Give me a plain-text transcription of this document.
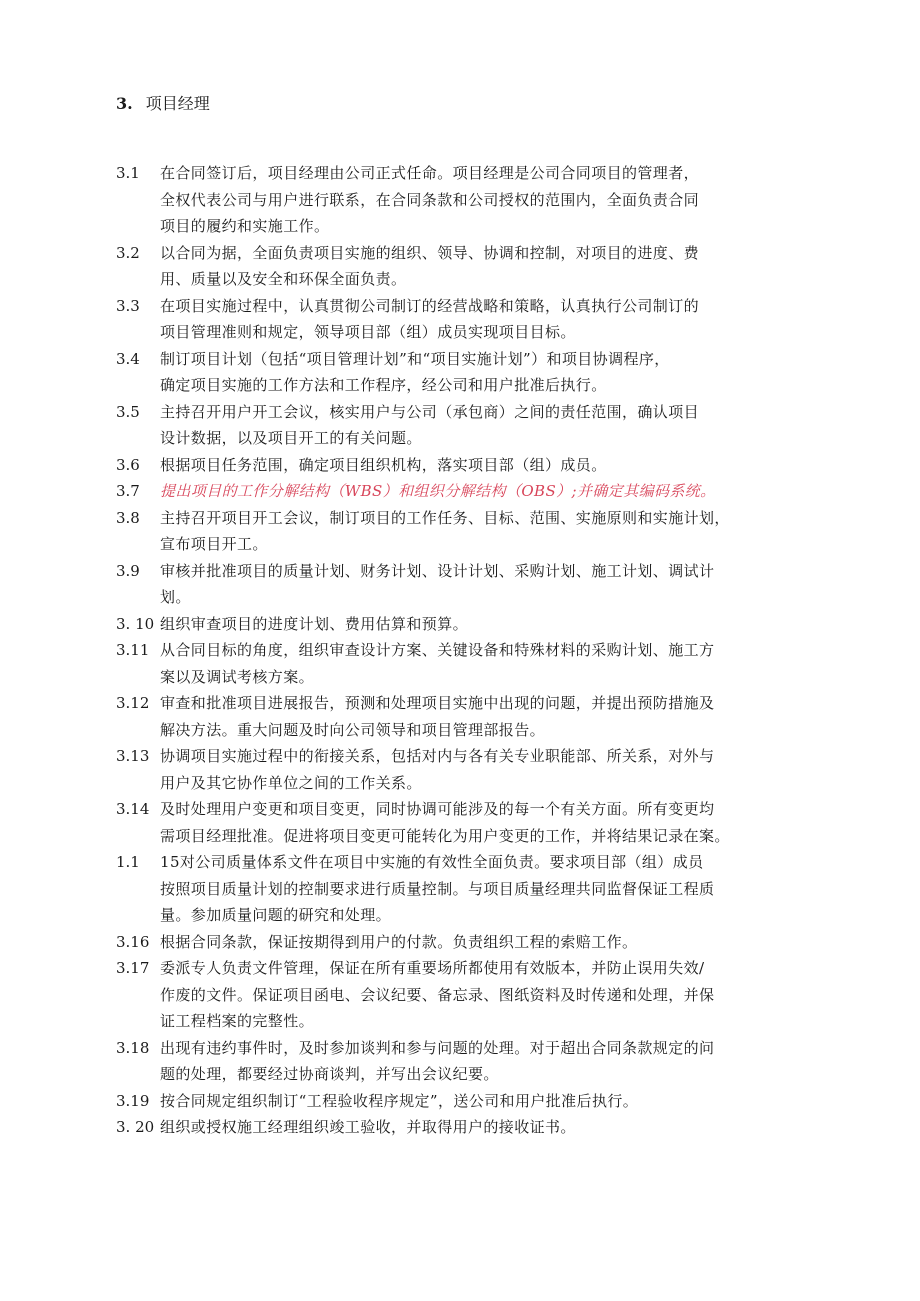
3. 项目经理
3.1	在合同签订后，项目经理由公司正式任命。项目经理是公司合同项目的管理者，
全权代表公司与用户进行联系，在合同条款和公司授权的范围内，全面负责合同
项目的履约和实施工作。
3.2	以合同为据，全面负责项目实施的组织、领导、协调和控制，对项目的进度、费
用、质量以及安全和环保全面负责。
3.3	在项目实施过程中，认真贯彻公司制订的经营战略和策略，认真执行公司制订的
项目管理准则和规定，领导项目部（组）成员实现项目目标。
3.4	制订项目计划（包括“项目管理计划”和“项目实施计划”）和项目协调程序，
确定项目实施的工作方法和工作程序，经公司和用户批准后执行。
3.5	主持召开用户开工会议，核实用户与公司（承包商）之间的责任范围，确认项目
设计数据，以及项目开工的有关问题。
3.6	根据项目任务范围，确定项目组织机构，落实项目部（组）成员。
3.7	提出项目的工作分解结构（WBS）和组织分解结构（OBS）;并确定其编码系统。
3.8	主持召开项目开工会议，制订项目的工作任务、目标、范围、实施原则和实施计划，
宣布项目开工。
3.9	审核并批准项目的质量计划、财务计划、设计计划、采购计划、施工计划、调试计
划。
3. 10 组织审查项目的进度计划、费用估算和预算。
3.11 从合同目标的角度，组织审查设计方案、关键设备和特殊材料的采购计划、施工方
案以及调试考核方案。
3.12 审查和批准项目进展报告，预测和处理项目实施中出现的问题，并提出预防措施及
解决方法。重大问题及时向公司领导和项目管理部报告。
3.13 协调项目实施过程中的衔接关系，包括对内与各有关专业职能部、所关系，对外与
用户及其它协作单位之间的工作关系。
3.14 及时处理用户变更和项目变更，同时协调可能涉及的每一个有关方面。所有变更均
需项目经理批准。促进将项目变更可能转化为用户变更的工作，并将结果记录在案。
1.1	15对公司质量体系文件在项目中实施的有效性全面负责。要求项目部（组）成员
按照项目质量计划的控制要求进行质量控制。与项目质量经理共同监督保证工程质
量。参加质量问题的研究和处理。
3.16 根据合同条款，保证按期得到用户的付款。负责组织工程的索赔工作。
3.17 委派专人负责文件管理，保证在所有重要场所都使用有效版本，并防止误用失效/
作废的文件。保证项目函电、会议纪要、备忘录、图纸资料及时传递和处理，并保
证工程档案的完整性。
3.18 出现有违约事件时，及时参加谈判和参与问题的处理。对于超出合同条款规定的问
题的处理，都要经过协商谈判，并写出会议纪要。
3.19 按合同规定组织制订“工程验收程序规定”，送公司和用户批准后执行。
3. 20 组织或授权施工经理组织竣工验收，并取得用户的接收证书。
